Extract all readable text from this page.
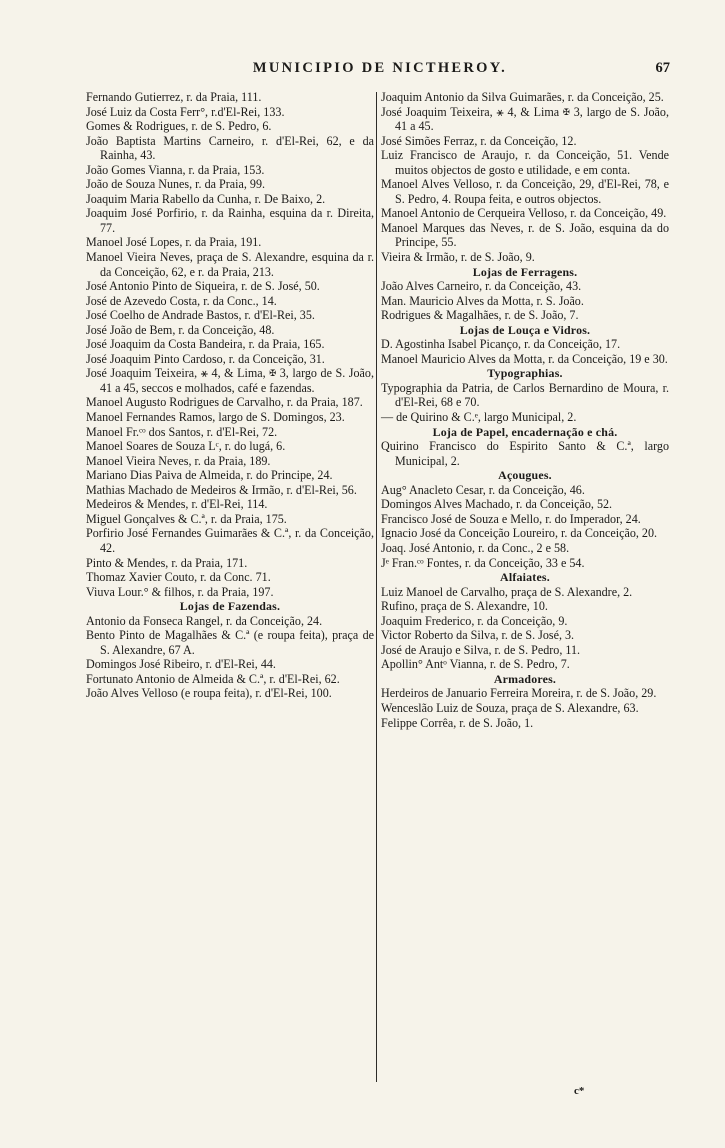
MUNICIPIO DE NICTHEROY.	67
Fernando Gutierrez, r. da Praia, 111.
José Luiz da Costa Ferr°, r.d'El-Rei, 133.
Gomes & Rodrigues, r. de S. Pedro, 6.
João Baptista Martins Carneiro, r. d'El-Rei, 62, e da Rainha, 43.
João Gomes Vianna, r. da Praia, 153.
João de Souza Nunes, r. da Praia, 99.
Joaquim Maria Rabello da Cunha, r. De Baixo, 2.
Joaquim José Porfirio, r. da Rainha, esquina da r. Direita, 77.
Manoel José Lopes, r. da Praia, 191.
Manoel Vieira Neves, praça de S. Alexandre, esquina da r. da Conceição, 62, e r. da Praia, 213.
José Antonio Pinto de Siqueira, r. de S. José, 50.
José de Azevedo Costa, r. da Conc., 14.
José Coelho de Andrade Bastos, r. d'El-Rei, 35.
José João de Bem, r. da Conceição, 48.
José Joaquim da Costa Bandeira, r. da Praia, 165.
José Joaquim Pinto Cardoso, r. da Conceição, 31.
José Joaquim Teixeira, ⚹ 4, & Lima, ✠ 3, largo de S. João, 41 a 45, seccos e molhados, café e fazendas.
Manoel Augusto Rodrigues de Carvalho, r. da Praia, 187.
Manoel Fernandes Ramos, largo de S. Domingos, 23.
Manoel Fr.ᶜᵒ dos Santos, r. d'El-Rei, 72.
Manoel Soares de Souza Lᶜ, r. do lugá, 6.
Manoel Vieira Neves, r. da Praia, 189.
Mariano Dias Paiva de Almeida, r. do Principe, 24.
Mathias Machado de Medeiros & Irmão, r. d'El-Rei, 56.
Medeiros & Mendes, r. d'El-Rei, 114.
Miguel Gonçalves & C.ª, r. da Praia, 175.
Porfirio José Fernandes Guimarães & C.ª, r. da Conceição, 42.
Pinto & Mendes, r. da Praia, 171.
Thomaz Xavier Couto, r. da Conc. 71.
Viuva Lour.° & filhos, r. da Praia, 197.
Lojas de Fazendas.
Antonio da Fonseca Rangel, r. da Conceição, 24.
Bento Pinto de Magalhães & C.ª (e roupa feita), praça de S. Alexandre, 67 A.
Domingos José Ribeiro, r. d'El-Rei, 44.
Fortunato Antonio de Almeida & C.ª, r. d'El-Rei, 62.
João Alves Velloso (e roupa feita), r. d'El-Rei, 100.
Joaquim Antonio da Silva Guimarães, r. da Conceição, 25.
José Joaquim Teixeira, ⚹ 4, & Lima ✠ 3, largo de S. João, 41 a 45.
José Simões Ferraz, r. da Conceição, 12.
Luiz Francisco de Araujo, r. da Conceição, 51. Vende muitos objectos de gosto e utilidade, e em conta.
Manoel Alves Velloso, r. da Conceição, 29, d'El-Rei, 78, e S. Pedro, 4. Roupa feita, e outros objectos.
Manoel Antonio de Cerqueira Velloso, r. da Conceição, 49.
Manoel Marques das Neves, r. de S. João, esquina da do Principe, 55.
Vieira & Irmão, r. de S. João, 9.
Lojas de Ferragens.
João Alves Carneiro, r. da Conceição, 43.
Man. Mauricio Alves da Motta, r. S. João.
Rodrigues & Magalhães, r. de S. João, 7.
Lojas de Louça e Vidros.
D. Agostinha Isabel Picanço, r. da Conceição, 17.
Manoel Mauricio Alves da Motta, r. da Conceição, 19 e 30.
Typographias.
Typographia da Patria, de Carlos Bernardino de Moura, r. d'El-Rei, 68 e 70.
— de Quirino & C.ᵉ, largo Municipal, 2.
Loja de Papel, encadernação e chá.
Quirino Francisco do Espirito Santo & C.ª, largo Municipal, 2.
Açougues.
Aug° Anacleto Cesar, r. da Conceição, 46.
Domingos Alves Machado, r. da Conceição, 52.
Francisco José de Souza e Mello, r. do Imperador, 24.
Ignacio José da Conceição Loureiro, r. da Conceição, 20.
Joaq. José Antonio, r. da Conc., 2 e 58.
Jᵉ Fran.ᶜᵒ Fontes, r. da Conceição, 33 e 54.
Alfaiates.
Luiz Manoel de Carvalho, praça de S. Alexandre, 2.
Rufino, praça de S. Alexandre, 10.
Joaquim Frederico, r. da Conceição, 9.
Victor Roberto da Silva, r. de S. José, 3.
José de Araujo e Silva, r. de S. Pedro, 11.
Apollin° Antᵒ Vianna, r. de S. Pedro, 7.
Armadores.
Herdeiros de Januario Ferreira Moreira, r. de S. João, 29.
Wenceslão Luiz de Souza, praça de S. Alexandre, 63.
Felippe Corrêa, r. de S. João, 1.
c*
